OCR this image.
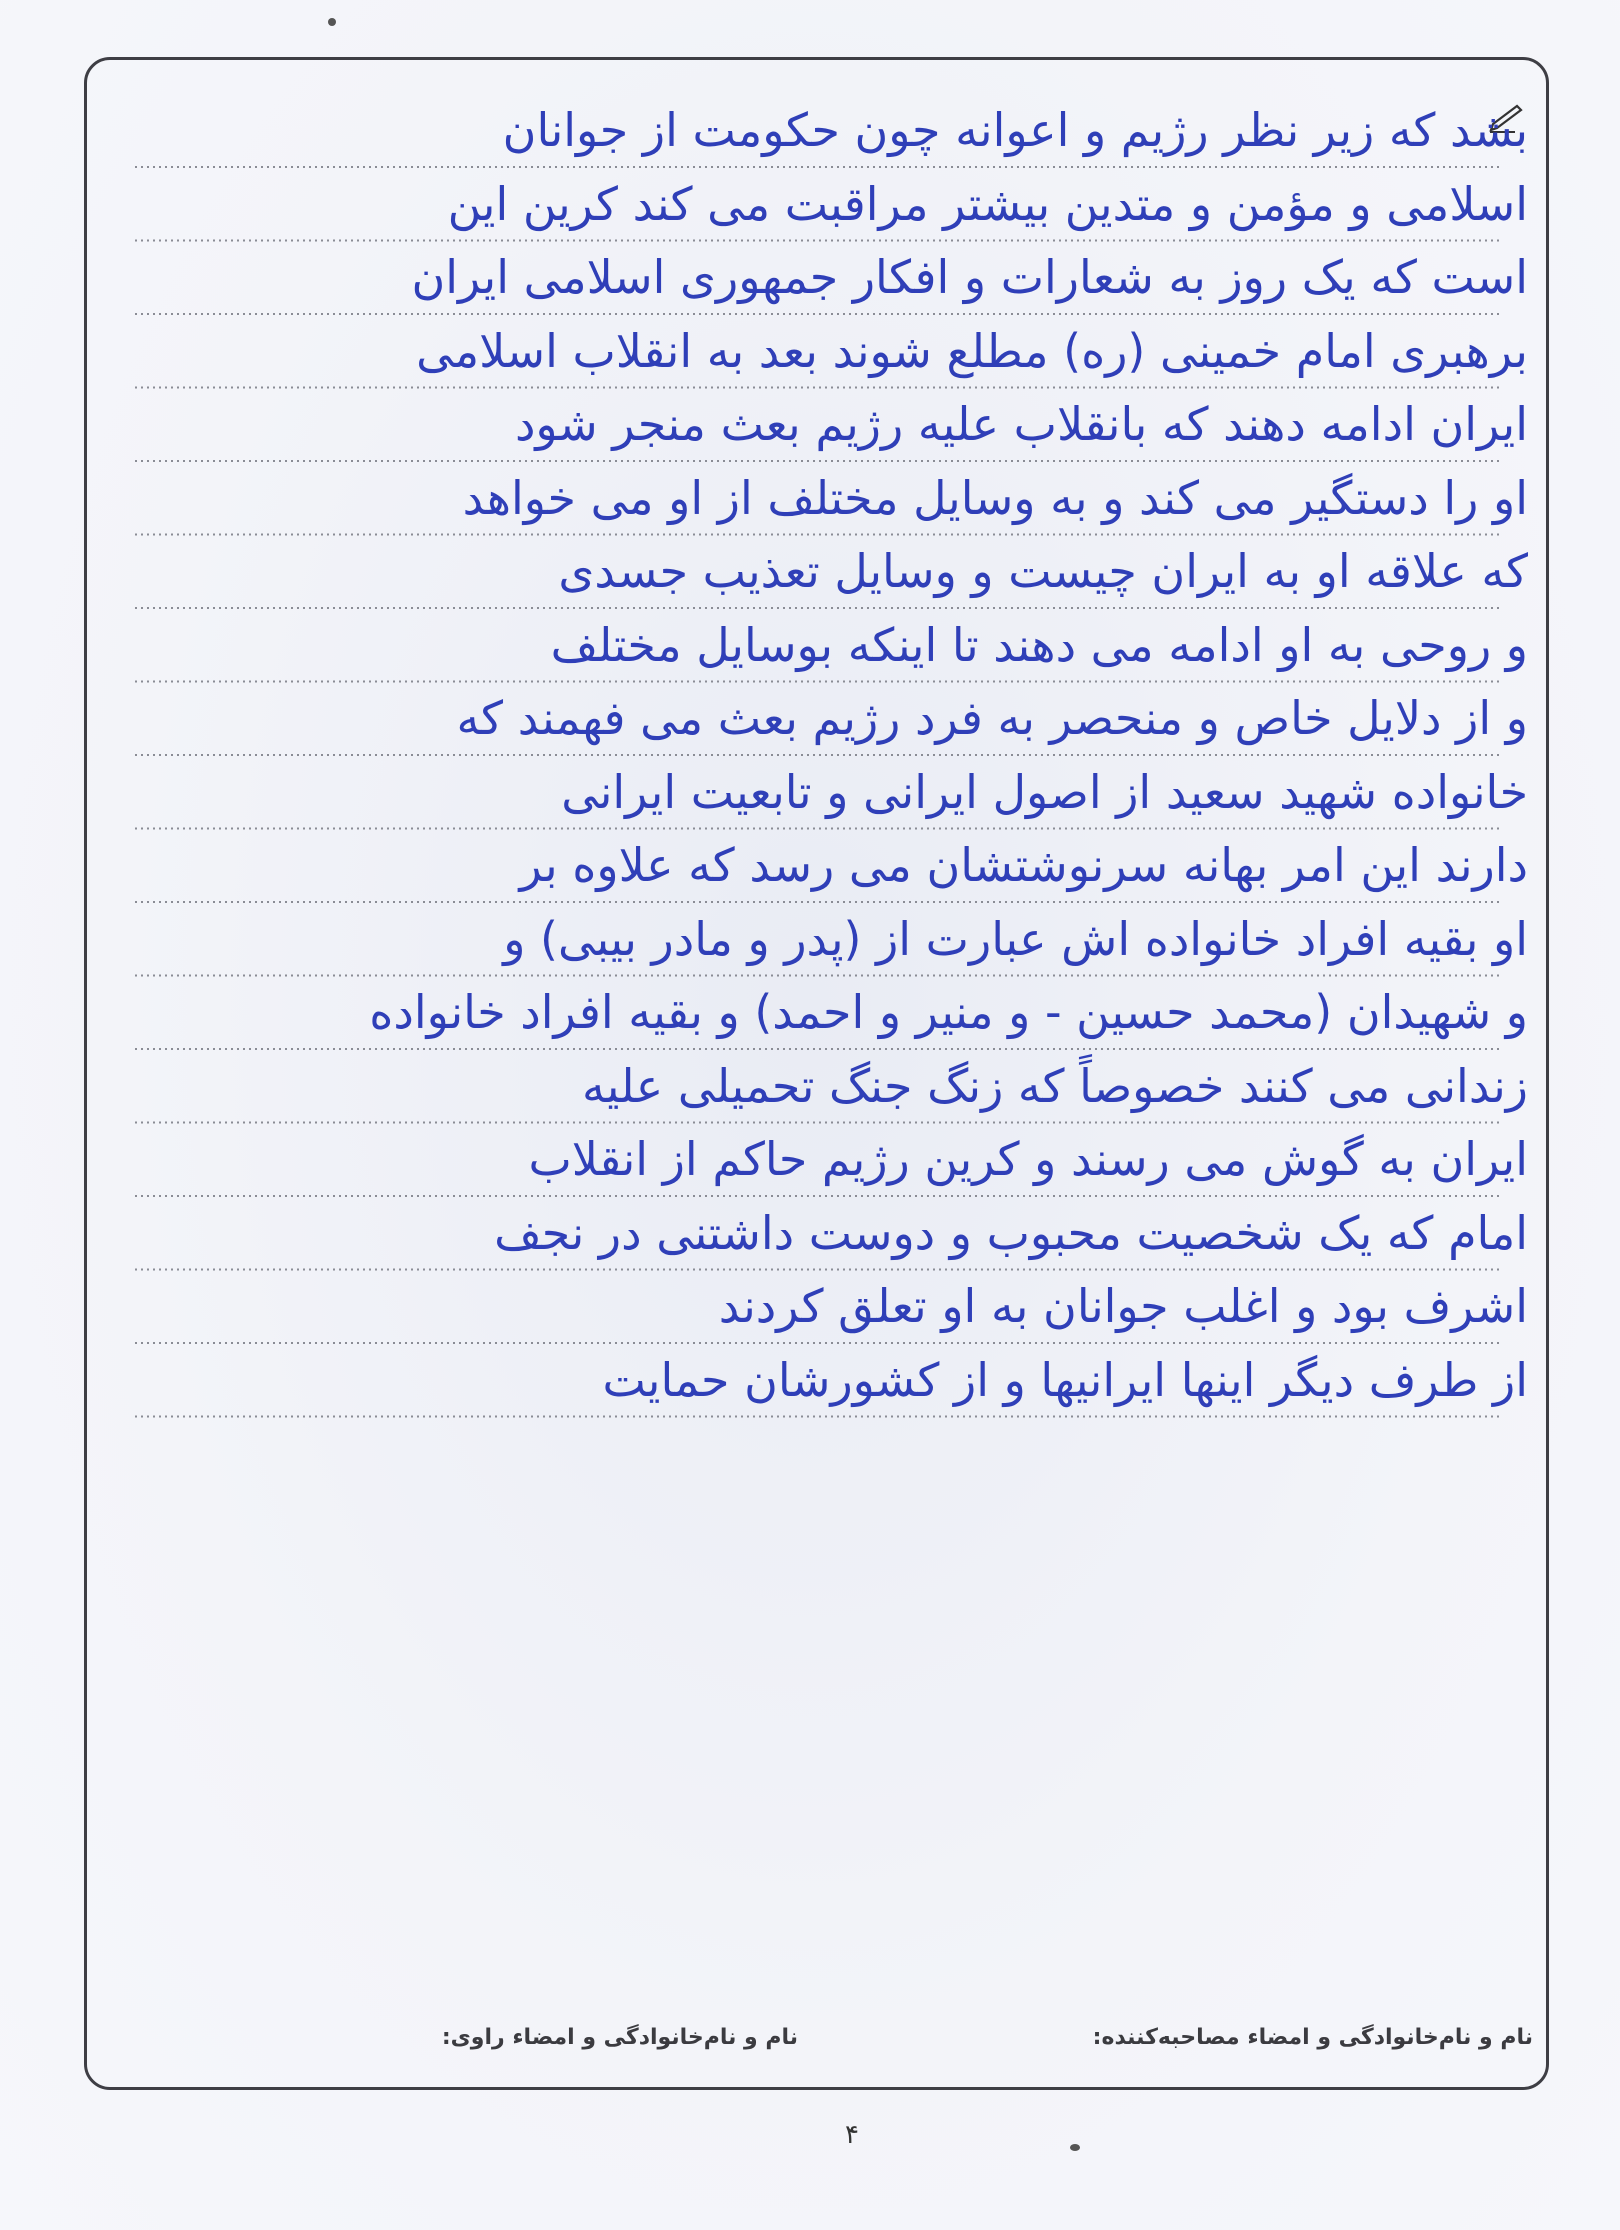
بشد که زیر نظر رژیم و اعوانه چون حکومت از جوانان
اسلامی و مؤمن و متدین بیشتر مراقبت می کند کرین این
است که یک روز به شعارات و افکار جمهوری اسلامی ایران
برهبری امام خمینی (ره) مطلع شوند بعد به انقلاب اسلامی
ایران ادامه دهند که بانقلاب علیه رژیم بعث منجر شود
او را دستگیر می کند و به وسایل مختلف از او می خواهد
که علاقه او به ایران چیست و وسایل تعذیب جسدی
و روحی به او ادامه می دهند تا اینکه بوسایل مختلف
و از دلایل خاص و منحصر به فرد رژیم بعث می فهمند که
خانواده شهید سعید از اصول ایرانی و تابعیت ایرانی
دارند این امر بهانه سرنوشتشان می رسد که علاوه بر
او بقیه افراد خانواده اش عبارت از (پدر و مادر بیبی) و
و شهیدان (محمد حسین - و منیر و احمد) و بقیه افراد خانواده
زندانی می کنند خصوصاً که زنگ جنگ تحمیلی علیه
ایران به گوش می رسند و کرین رژیم حاکم از انقلاب
امام که یک شخصیت محبوب و دوست داشتنی در نجف
اشرف بود و اغلب جوانان به او تعلق کردند
از طرف دیگر اینها ایرانیها و از کشورشان حمایت
نام و نام‌خانوادگی و امضاء مصاحبه‌کننده:
نام و نام‌خانوادگی و امضاء راوی:
۴
